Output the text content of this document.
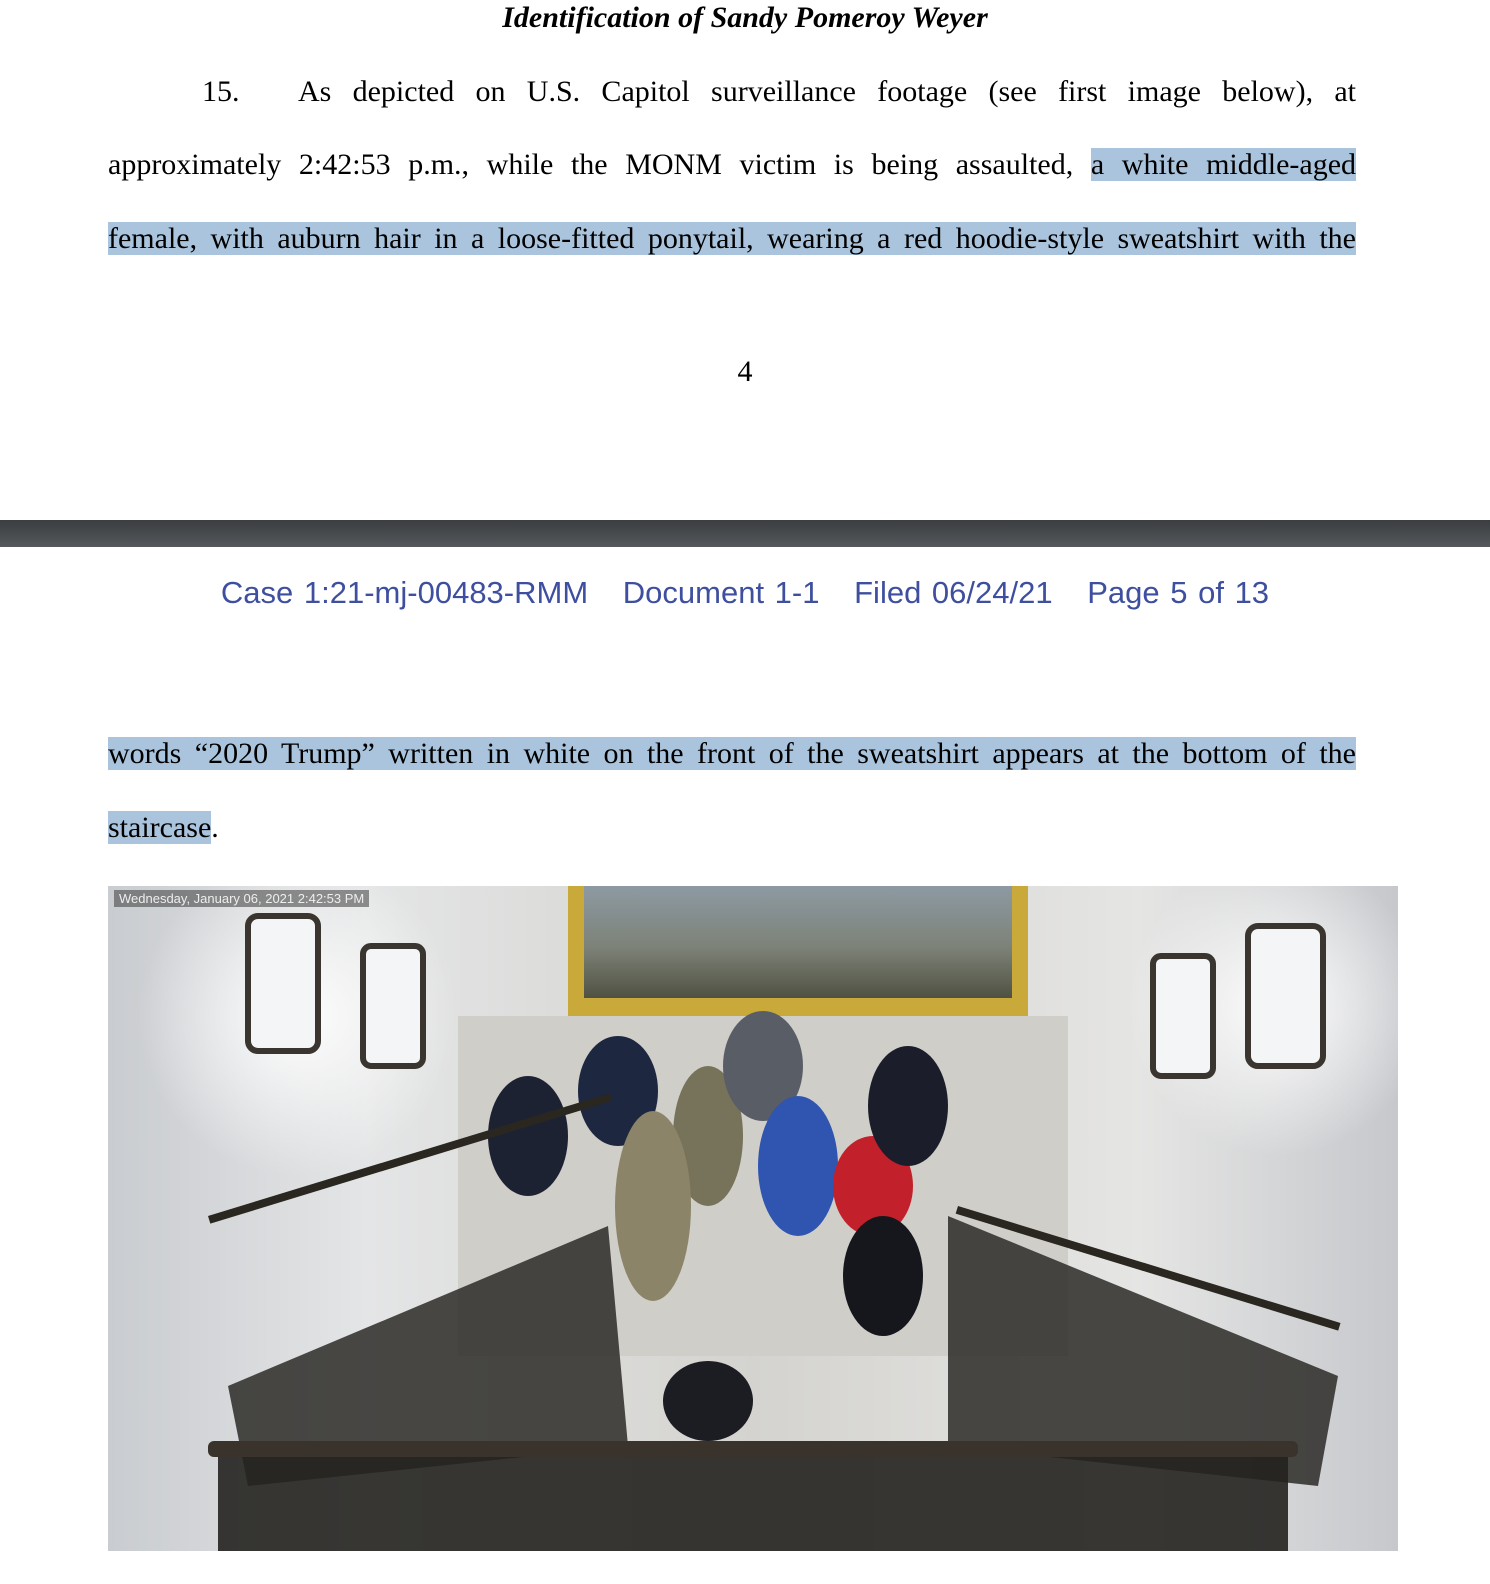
Identification of Sandy Pomeroy Weyer
15. As depicted on U.S. Capitol surveillance footage (see first image below), at
approximately 2:42:53 p.m., while the MONM victim is being assaulted, a white middle-aged
female, with auburn hair in a loose-fitted ponytail, wearing a red hoodie-style sweatshirt with the
4
Case 1:21-mj-00483-RMM Document 1-1 Filed 06/24/21 Page 5 of 13
words “2020 Trump” written in white on the front of the sweatshirt appears at the bottom of the
staircase.
Wednesday, January 06, 2021 2:42:53 PM
